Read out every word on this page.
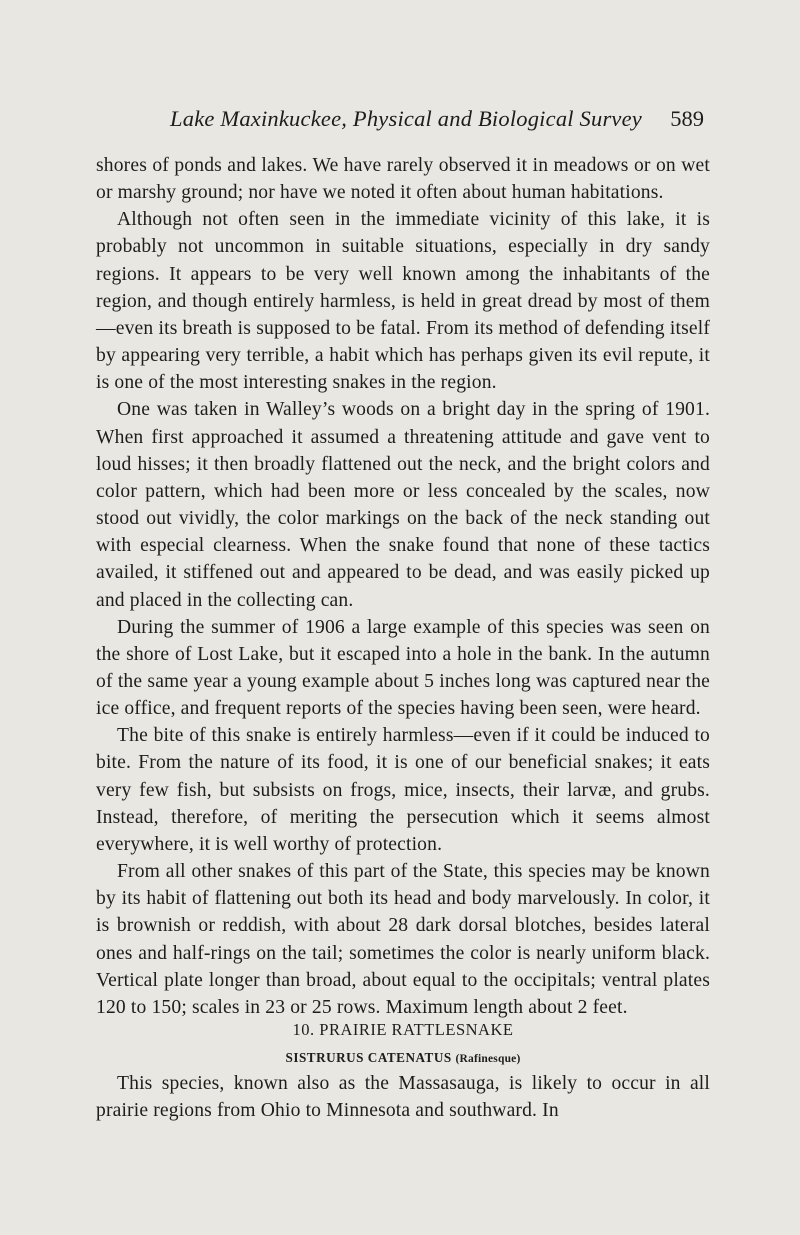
Lake Maxinkuckee, Physical and Biological Survey	589

shores of ponds and lakes. We have rarely observed it in meadows or on wet or marshy ground; nor have we noted it often about human habitations.

Although not often seen in the immediate vicinity of this lake, it is probably not uncommon in suitable situations, especially in dry sandy regions. It appears to be very well known among the inhabitants of the region, and though entirely harmless, is held in great dread by most of them—even its breath is supposed to be fatal. From its method of defending itself by appearing very terrible, a habit which has perhaps given its evil repute, it is one of the most interesting snakes in the region.

One was taken in Walley’s woods on a bright day in the spring of 1901. When first approached it assumed a threatening attitude and gave vent to loud hisses; it then broadly flattened out the neck, and the bright colors and color pattern, which had been more or less concealed by the scales, now stood out vividly, the color markings on the back of the neck standing out with especial clearness. When the snake found that none of these tactics availed, it stiffened out and appeared to be dead, and was easily picked up and placed in the collecting can.

During the summer of 1906 a large example of this species was seen on the shore of Lost Lake, but it escaped into a hole in the bank. In the autumn of the same year a young example about 5 inches long was captured near the ice office, and frequent reports of the species having been seen, were heard.

The bite of this snake is entirely harmless—even if it could be induced to bite. From the nature of its food, it is one of our beneficial snakes; it eats very few fish, but subsists on frogs, mice, insects, their larvæ, and grubs. Instead, therefore, of meriting the persecution which it seems almost everywhere, it is well worthy of protection.

From all other snakes of this part of the State, this species may be known by its habit of flattening out both its head and body marvelously. In color, it is brownish or reddish, with about 28 dark dorsal blotches, besides lateral ones and half-rings on the tail; sometimes the color is nearly uniform black. Vertical plate longer than broad, about equal to the occipitals; ventral plates 120 to 150; scales in 23 or 25 rows. Maximum length about 2 feet.

10. PRAIRIE RATTLESNAKE
SISTRURUS CATENATUS (Rafinesque)

This species, known also as the Massasauga, is likely to occur in all prairie regions from Ohio to Minnesota and southward. In
